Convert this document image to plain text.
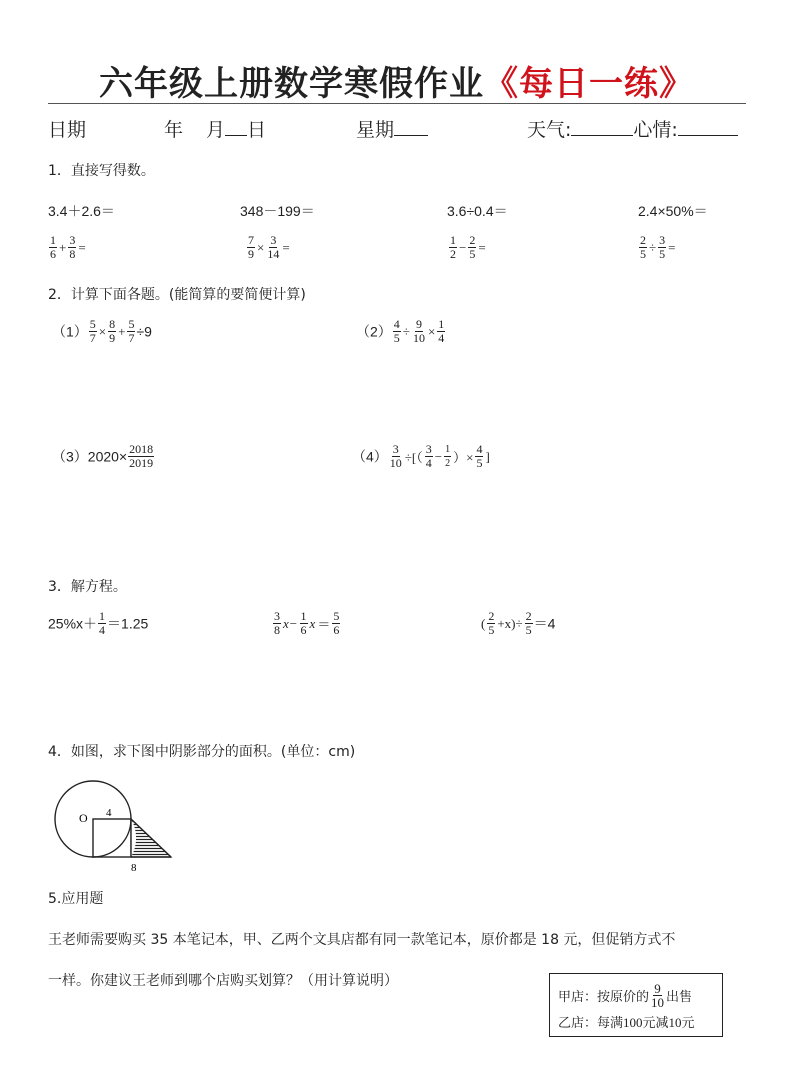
六年级上册数学寒假作业《每日一练》
日期	年 月 日	星期	天气:	心情:
1．直接写得数。
3.4＋2.6＝	348－199＝	3.6÷0.4＝	2.4×50%＝
$\frac{1}{6} + \frac{3}{8}$ =	$\frac{7}{9} \times \frac{3}{14}$ =	$\frac{1}{2} - \frac{2}{5}$ =	$\frac{2}{5} \div \frac{3}{5}$ =
2．计算下面各题。(能简算的要简便计算)
$(1) \frac{5}{7} \times \frac{8}{9} + \frac{5}{7} \div 9$	$(2) \frac{4}{5} \div \frac{9}{10} \times \frac{1}{4}$
$(3)2020\times \frac{2018}{2019}$	$(4) \frac{3}{10}$ ÷[（ $\frac{3}{4} - \frac{1}{2}$ ）× $\frac{4}{5}$ ]
3．解方程。
$25\%x+ \frac{1}{4} =1.25$	$\frac{3}{8} x- \frac{1}{6}$ $x = \frac{5}{6}$	( $\frac{2}{5} +x)\div \frac{2}{5} =4$
4．如图，求下图中阴影部分的面积。(单位：cm)
O 4
8
5.应用题
王老师需要购买 35 本笔记本，甲、乙两个文具店都有同一款笔记本，原价都是 18 元，但促销方式不
一样。你建议王老师到哪个店购买划算？（用计算说明）
甲店：按原价的 $\frac{9}{10}$ 出售
乙店：每满100元减10元
